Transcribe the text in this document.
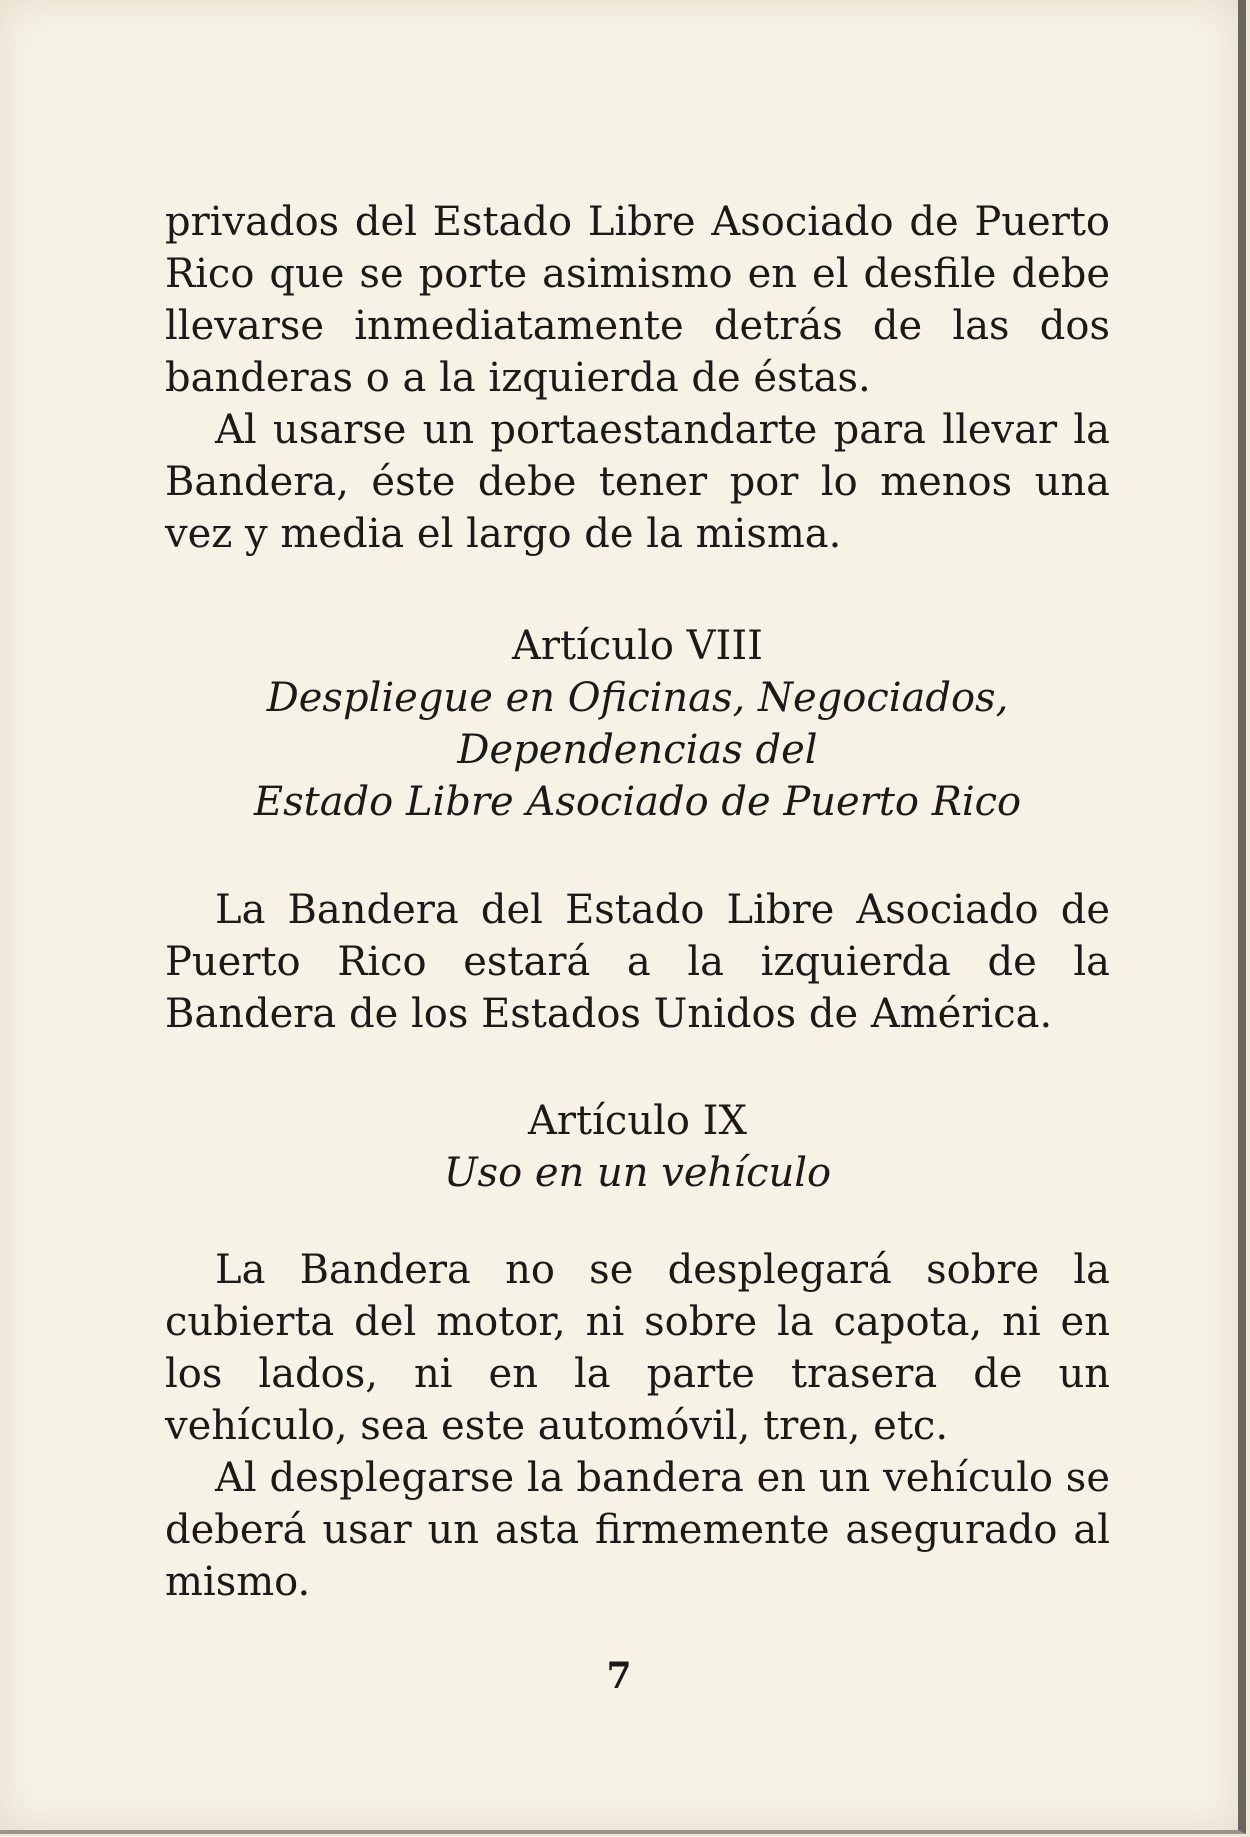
privados del Estado Libre Asociado de Puerto Rico que se porte asimismo en el desfile debe llevarse inmediatamente detrás de las dos banderas o a la izquierda de éstas.

Al usarse un portaestandarte para llevar la Bandera, éste debe tener por lo menos una vez y media el largo de la misma.

Artículo VIII

Despliegue en Oficinas, Negociados,

Dependencias del

Estado Libre Asociado de Puerto Rico

La Bandera del Estado Libre Asociado de Puerto Rico estará a la izquierda de la Bandera de los Estados Unidos de América.

Artículo IX

Uso en un vehículo

La Bandera no se desplegará sobre la cubierta del motor, ni sobre la capota, ni en los lados, ni en la parte trasera de un vehículo, sea este automóvil, tren, etc.

Al desplegarse la bandera en un vehículo se deberá usar un asta firmemente asegurado al mismo.

7
